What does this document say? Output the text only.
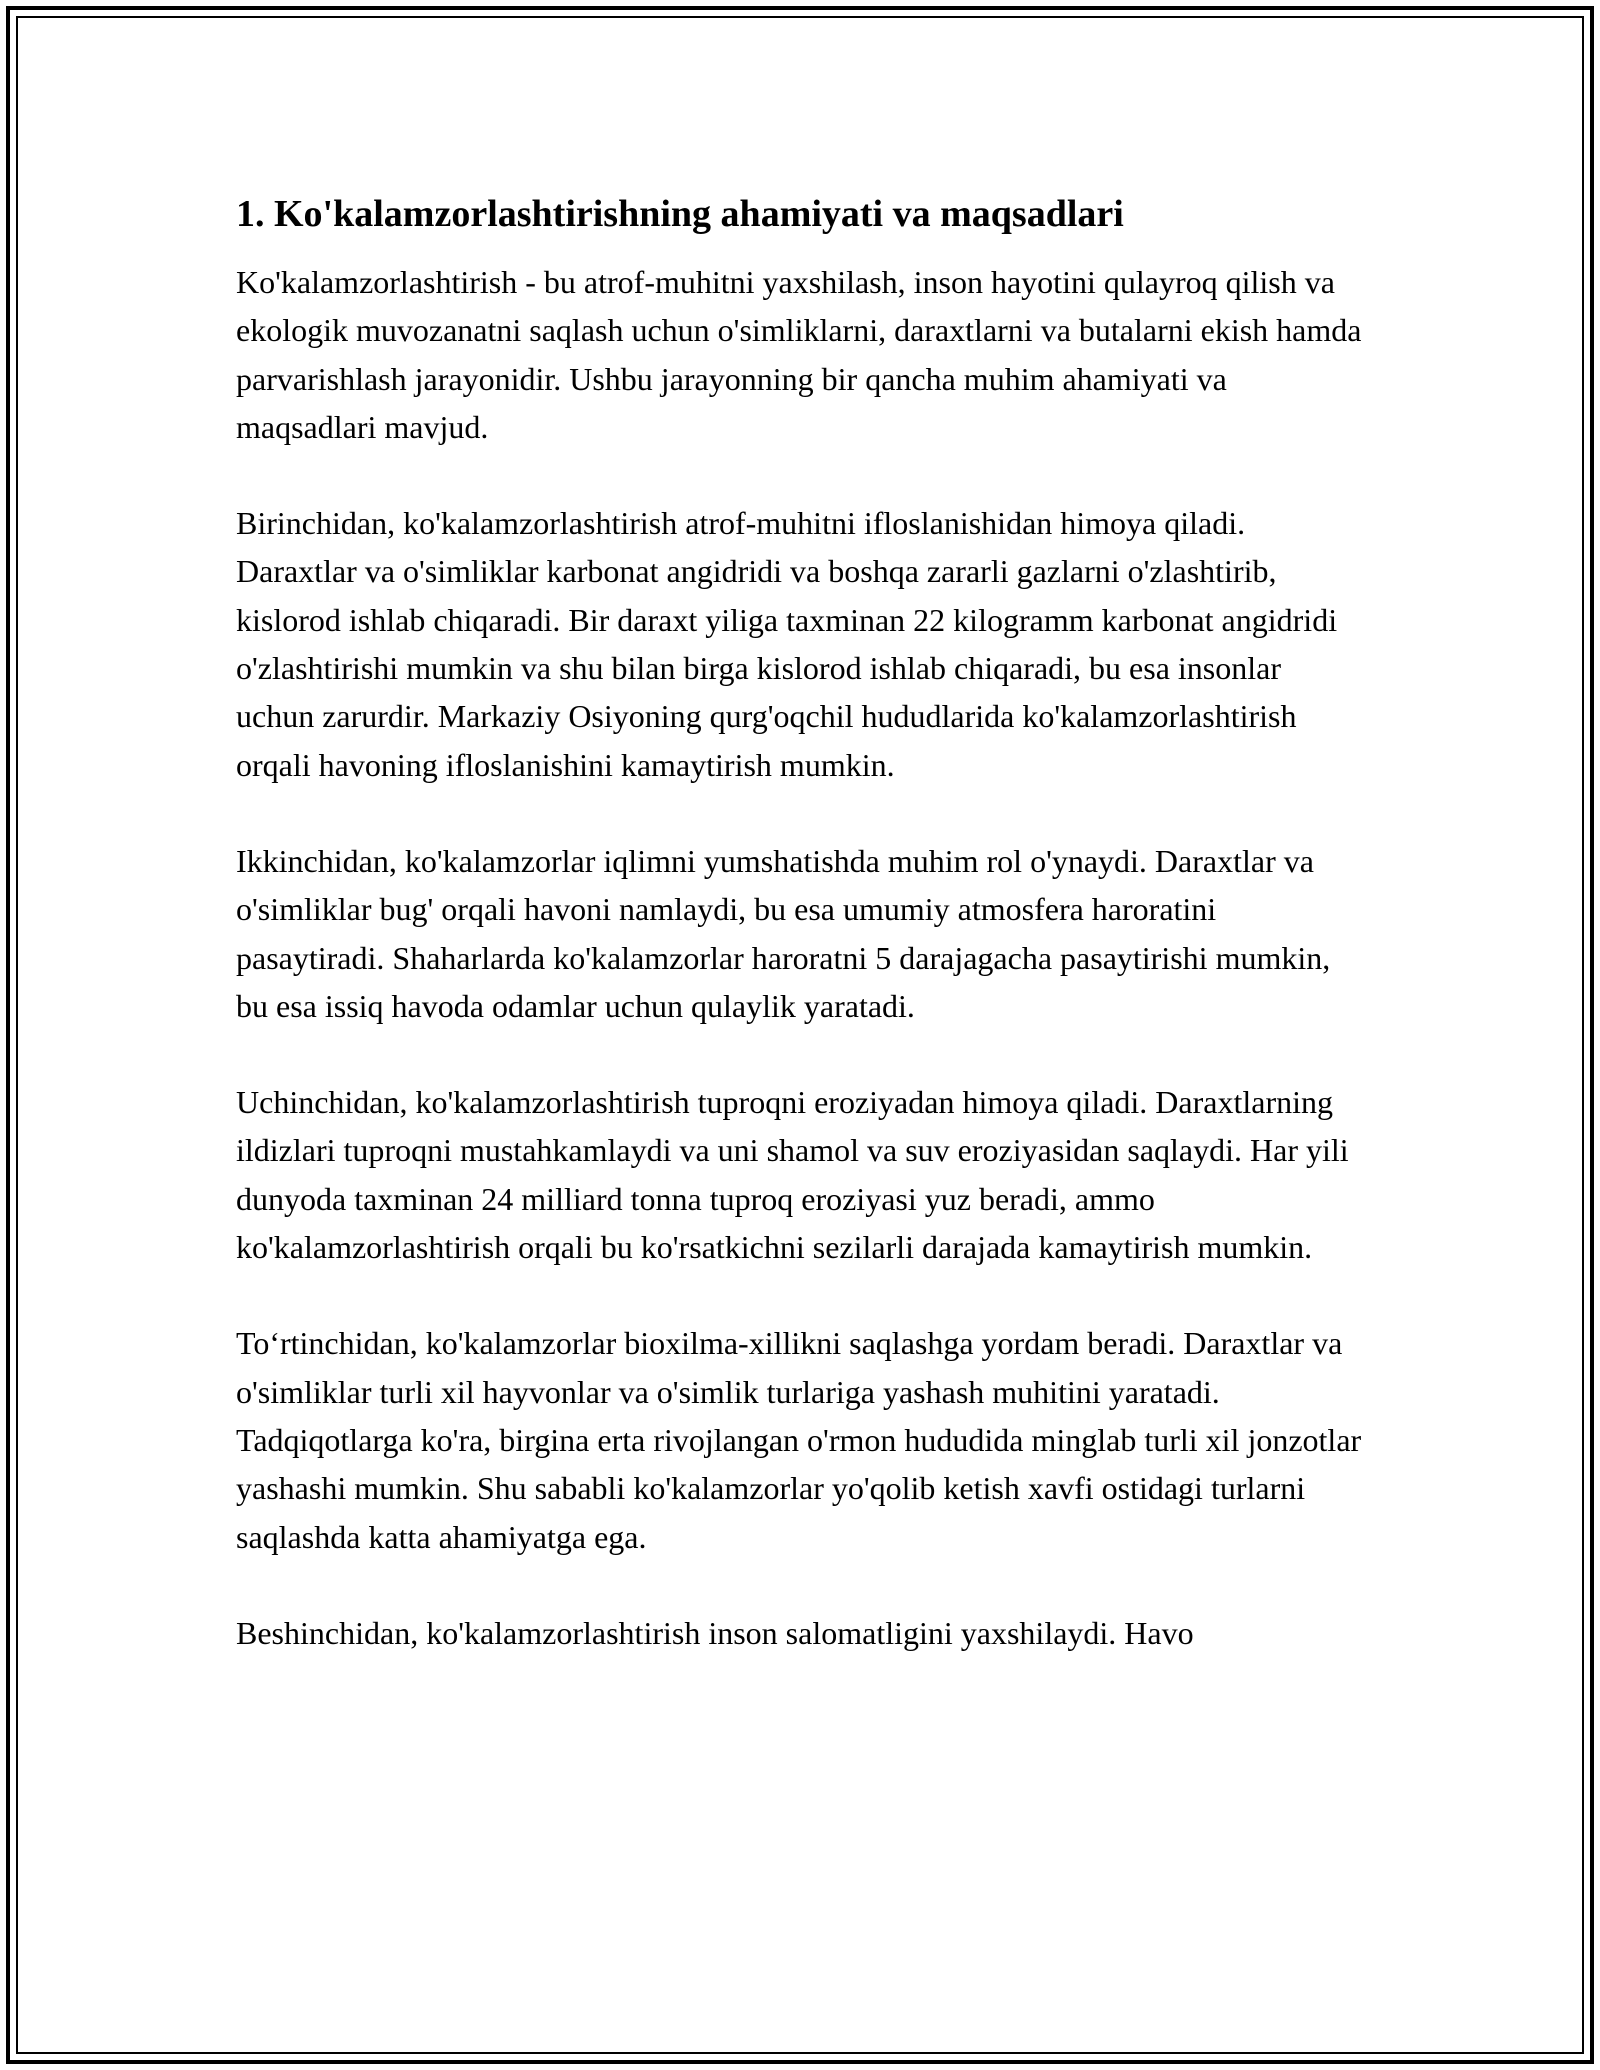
1. Ko'kalamzorlashtirishning ahamiyati va maqsadlari

Ko'kalamzorlashtirish - bu atrof-muhitni yaxshilash, inson hayotini qulayroq qilish va ekologik muvozanatni saqlash uchun o'simliklarni, daraxtlarni va butalarni ekish hamda parvarishlash jarayonidir. Ushbu jarayonning bir qancha muhim ahamiyati va maqsadlari mavjud.

Birinchidan, ko'kalamzorlashtirish atrof-muhitni ifloslanishidan himoya qiladi. Daraxtlar va o'simliklar karbonat angidridi va boshqa zararli gazlarni o'zlashtirib, kislorod ishlab chiqaradi. Bir daraxt yiliga taxminan 22 kilogramm karbonat angidridi o'zlashtirishi mumkin va shu bilan birga kislorod ishlab chiqaradi, bu esa insonlar uchun zarurdir. Markaziy Osiyoning qurg'oqchil hududlarida ko'kalamzorlashtirish orqali havoning ifloslanishini kamaytirish mumkin.

Ikkinchidan, ko'kalamzorlar iqlimni yumshatishda muhim rol o'ynaydi. Daraxtlar va o'simliklar bug' orqali havoni namlaydi, bu esa umumiy atmosfera haroratini pasaytiradi. Shaharlarda ko'kalamzorlar haroratni 5 darajagacha pasaytirishi mumkin, bu esa issiq havoda odamlar uchun qulaylik yaratadi.

Uchinchidan, ko'kalamzorlashtirish tuproqni eroziyadan himoya qiladi. Daraxtlarning ildizlari tuproqni mustahkamlaydi va uni shamol va suv eroziyasidan saqlaydi. Har yili dunyoda taxminan 24 milliard tonna tuproq eroziyasi yuz beradi, ammo ko'kalamzorlashtirish orqali bu ko'rsatkichni sezilarli darajada kamaytirish mumkin.

To‘rtinchidan, ko'kalamzorlar bioxilma-xillikni saqlashga yordam beradi. Daraxtlar va o'simliklar turli xil hayvonlar va o'simlik turlariga yashash muhitini yaratadi. Tadqiqotlarga ko'ra, birgina erta rivojlangan o'rmon hududida minglab turli xil jonzotlar yashashi mumkin. Shu sababli ko'kalamzorlar yo'qolib ketish xavfi ostidagi turlarni saqlashda katta ahamiyatga ega.

Beshinchidan, ko'kalamzorlashtirish inson salomatligini yaxshilaydi. Havo
